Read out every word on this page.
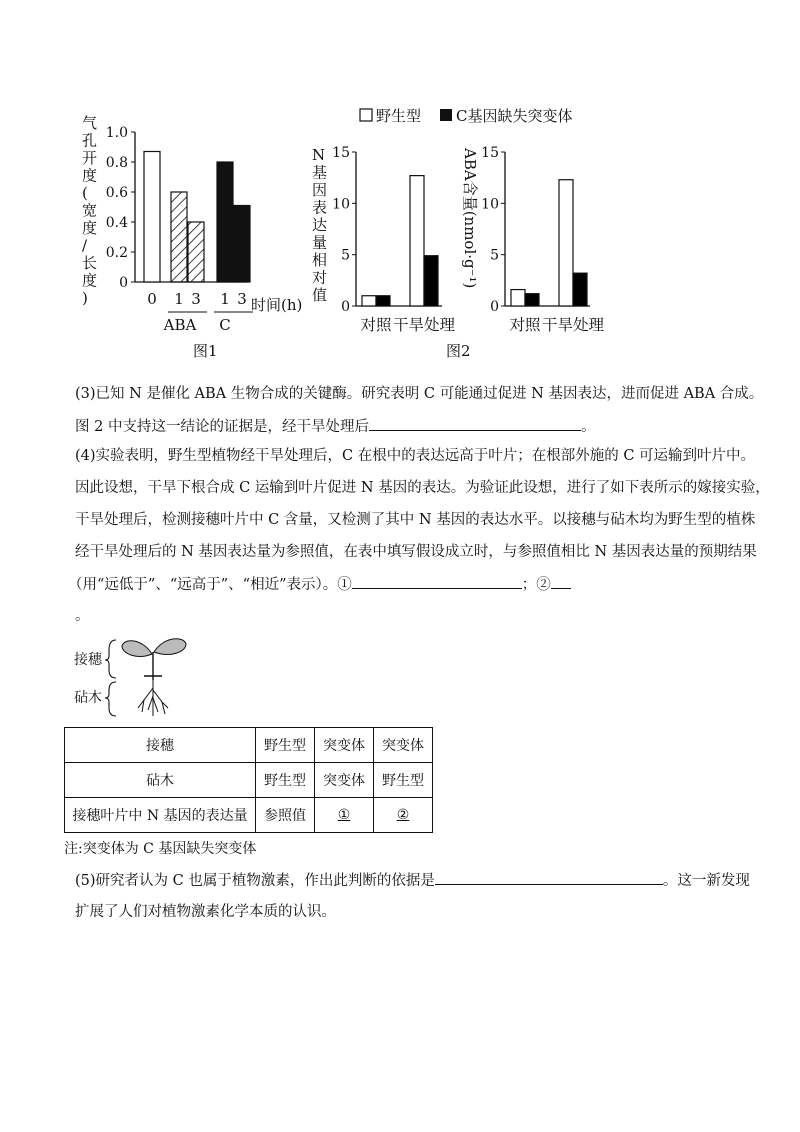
0
0.2
0.4
0.6
0.8
1.0
0 1 3 1 3
ABA C
时间(h)
图1
气孔开度(宽度/长度)
野生型 C基因缺失突变体
N 基因表达量相对值
0
5
10
15
对照 干旱处理
ABA含量(nmol·g⁻¹)
0
5
10
15
对照 干旱处理
图2
(3)已知 N 是催化 ABA 生物合成的关键酶。研究表明 C 可能通过促进 N 基因表达，进而促进 ABA 合成。
图 2 中支持这一结论的证据是，经干旱处理后	。
(4)实验表明，野生型植物经干旱处理后，C 在根中的表达远高于叶片；在根部外施的 C 可运输到叶片中。
因此设想，干旱下根合成 C 运输到叶片促进 N 基因的表达。为验证此设想，进行了如下表所示的嫁接实验，
干旱处理后，检测接穗叶片中 C 含量，又检测了其中 N 基因的表达水平。以接穗与砧木均为野生型的植株
经干旱处理后的 N 基因表达量为参照值，在表中填写假设成立时，与参照值相比 N 基因表达量的预期结果
（用“远低于”、“远高于”、“相近”表示）。①	；②
。
接穗
砧木
接穗	野生型	突变体	突变体
砧木	野生型	突变体	野生型
接穗叶片中 N 基因的表达量	参照值	①	②
注:突变体为 C 基因缺失突变体
(5)研究者认为 C 也属于植物激素，作出此判断的依据是	。这一新发现
扩展了人们对植物激素化学本质的认识。
